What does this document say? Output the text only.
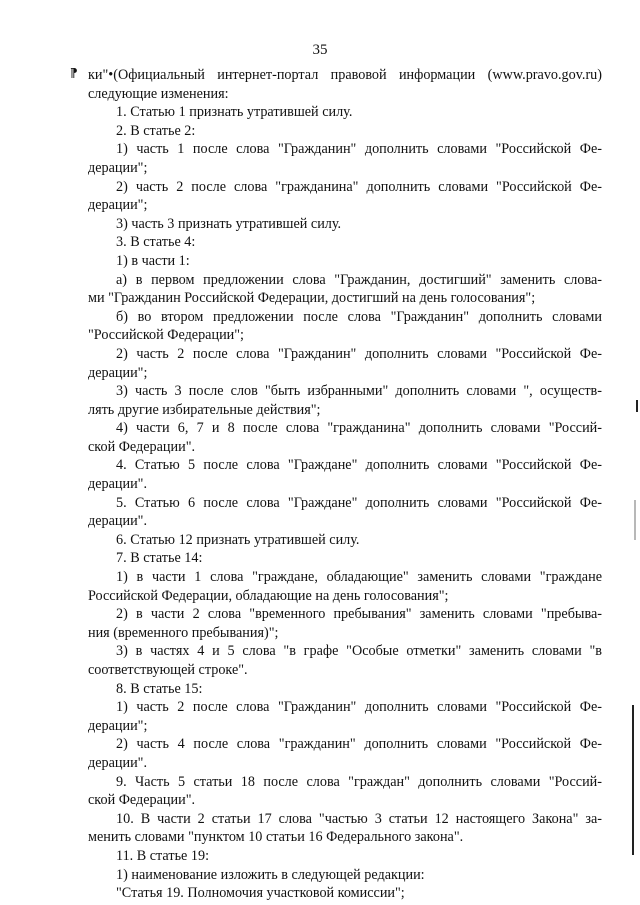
35
⁋ ки"•(Официальный интернет-портал правовой информации (www.pravo.gov.ru)
следующие изменения:
1. Статью 1 признать утратившей силу.
2. В статье 2:
1) часть 1 после слова "Гражданин" дополнить словами "Российской Фе-
дерации";
2) часть 2 после слова "гражданина" дополнить словами "Российской Фе-
дерации";
3) часть 3 признать утратившей силу.
3. В статье 4:
1) в части 1:
а) в первом предложении слова "Гражданин, достигший" заменить слова-
ми "Гражданин Российской Федерации, достигший на день голосования";
б) во втором предложении после слова "Гражданин" дополнить словами
"Российской Федерации";
2) часть 2 после слова "Гражданин" дополнить словами "Российской Фе-
дерации";
3) часть 3 после слов "быть избранными" дополнить словами ", осуществ-
лять другие избирательные действия";
4) части 6, 7 и 8 после слова "гражданина" дополнить словами "Россий-
ской Федерации".
4. Статью 5 после слова "Граждане" дополнить словами "Российской Фе-
дерации".
5. Статью 6 после слова "Граждане" дополнить словами "Российской Фе-
дерации".
6. Статью 12 признать утратившей силу.
7. В статье 14:
1) в части 1 слова "граждане, обладающие" заменить словами "граждане
Российской Федерации, обладающие на день голосования";
2) в части 2 слова "временного пребывания" заменить словами "пребыва-
ния (временного пребывания)";
3) в частях 4 и 5 слова "в графе "Особые отметки" заменить словами "в
соответствующей строке".
8. В статье 15:
1) часть 2 после слова "Гражданин" дополнить словами "Российской Фе-
дерации";
2) часть 4 после слова "гражданин" дополнить словами "Российской Фе-
дерации".
9. Часть 5 статьи 18 после слова "граждан" дополнить словами "Россий-
ской Федерации".
10. В части 2 статьи 17 слова "частью 3 статьи 12 настоящего Закона" за-
менить словами "пунктом 10 статьи 16 Федерального закона".
11. В статье 19:
1) наименование изложить в следующей редакции:
"Статья 19. Полномочия участковой комиссии";
